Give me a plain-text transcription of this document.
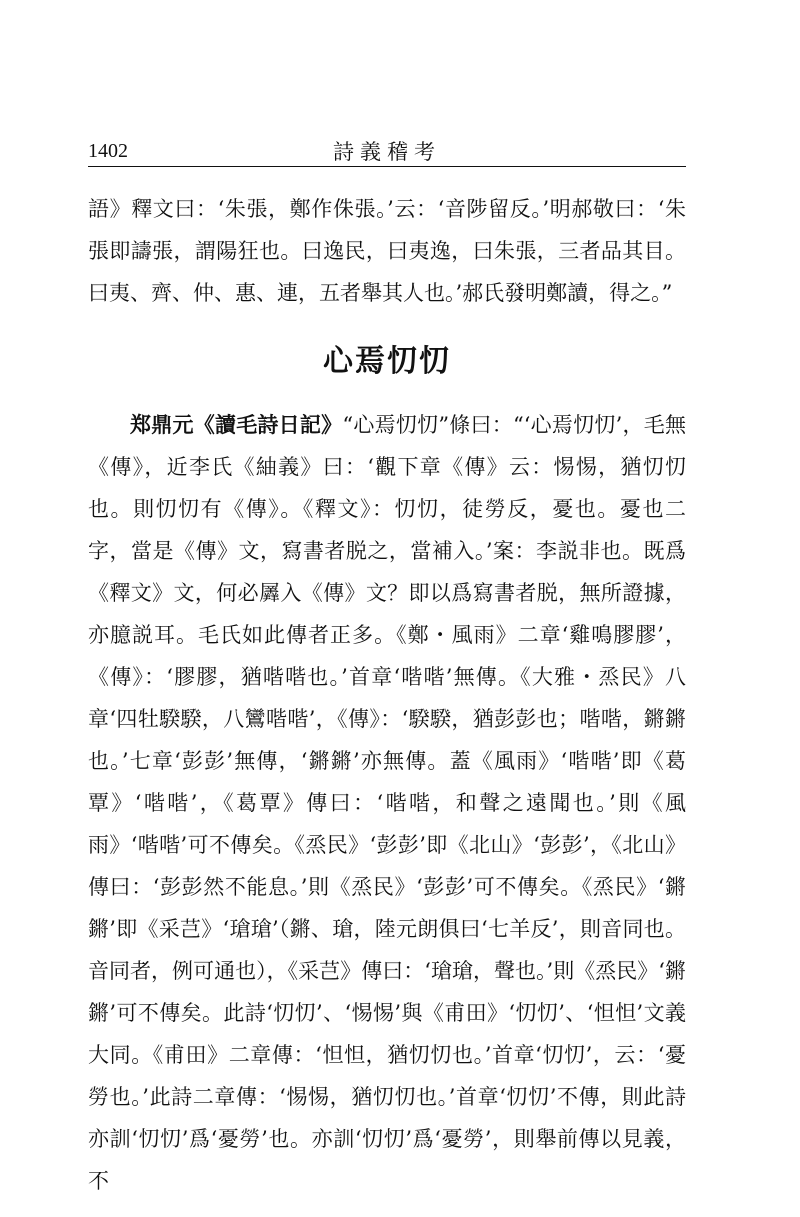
1402	詩義稽考

語》釋文曰：‘朱張，鄭作侏張。’云：‘音陟留反。’明郝敬曰：‘朱張即譸張，謂陽狂也。曰逸民，曰夷逸，曰朱張，三者品其目。曰夷、齊、仲、惠、連，五者舉其人也。’郝氏發明鄭讀，得之。”

心焉忉忉

郑鼎元《讀毛詩日記》“心焉忉忉”條曰：“‘心焉忉忉’，毛無《傳》，近李氏《紬義》曰：‘觀下章《傳》云：惕惕，猶忉忉也。則忉忉有《傳》。《釋文》：忉忉，徒勞反，憂也。憂也二字，當是《傳》文，寫書者脱之，當補入。’案：李説非也。既爲《釋文》文，何必羼入《傳》文？即以爲寫書者脱，無所證據，亦臆説耳。毛氏如此傳者正多。《鄭・風雨》二章‘雞鳴膠膠’，《傳》：‘膠膠，猶喈喈也。’首章‘喈喈’無傳。《大雅・烝民》八章‘四牡騤騤，八鸞喈喈’，《傳》：‘騤騤，猶彭彭也；喈喈，鏘鏘也。’七章‘彭彭’無傳，‘鏘鏘’亦無傳。蓋《風雨》‘喈喈’即《葛覃》‘喈喈’，《葛覃》傳曰：‘喈喈，和聲之遠聞也。’則《風雨》‘喈喈’可不傳矣。《烝民》‘彭彭’即《北山》‘彭彭’，《北山》傳曰：‘彭彭然不能息。’則《烝民》‘彭彭’可不傳矣。《烝民》‘鏘鏘’即《采芑》‘瑲瑲’（鏘、瑲，陸元朗俱曰‘七羊反’，則音同也。音同者，例可通也），《采芑》傳曰：‘瑲瑲，聲也。’則《烝民》‘鏘鏘’可不傳矣。此詩‘忉忉’、‘惕惕’與《甫田》‘忉忉’、‘怛怛’文義大同。《甫田》二章傳：‘怛怛，猶忉忉也。’首章‘忉忉’，云：‘憂勞也。’此詩二章傳：‘惕惕，猶忉忉也。’首章‘忉忉’不傳，則此詩亦訓‘忉忉’爲‘憂勞’也。亦訓‘忉忉’爲‘憂勞’，則舉前傳以見義，不
